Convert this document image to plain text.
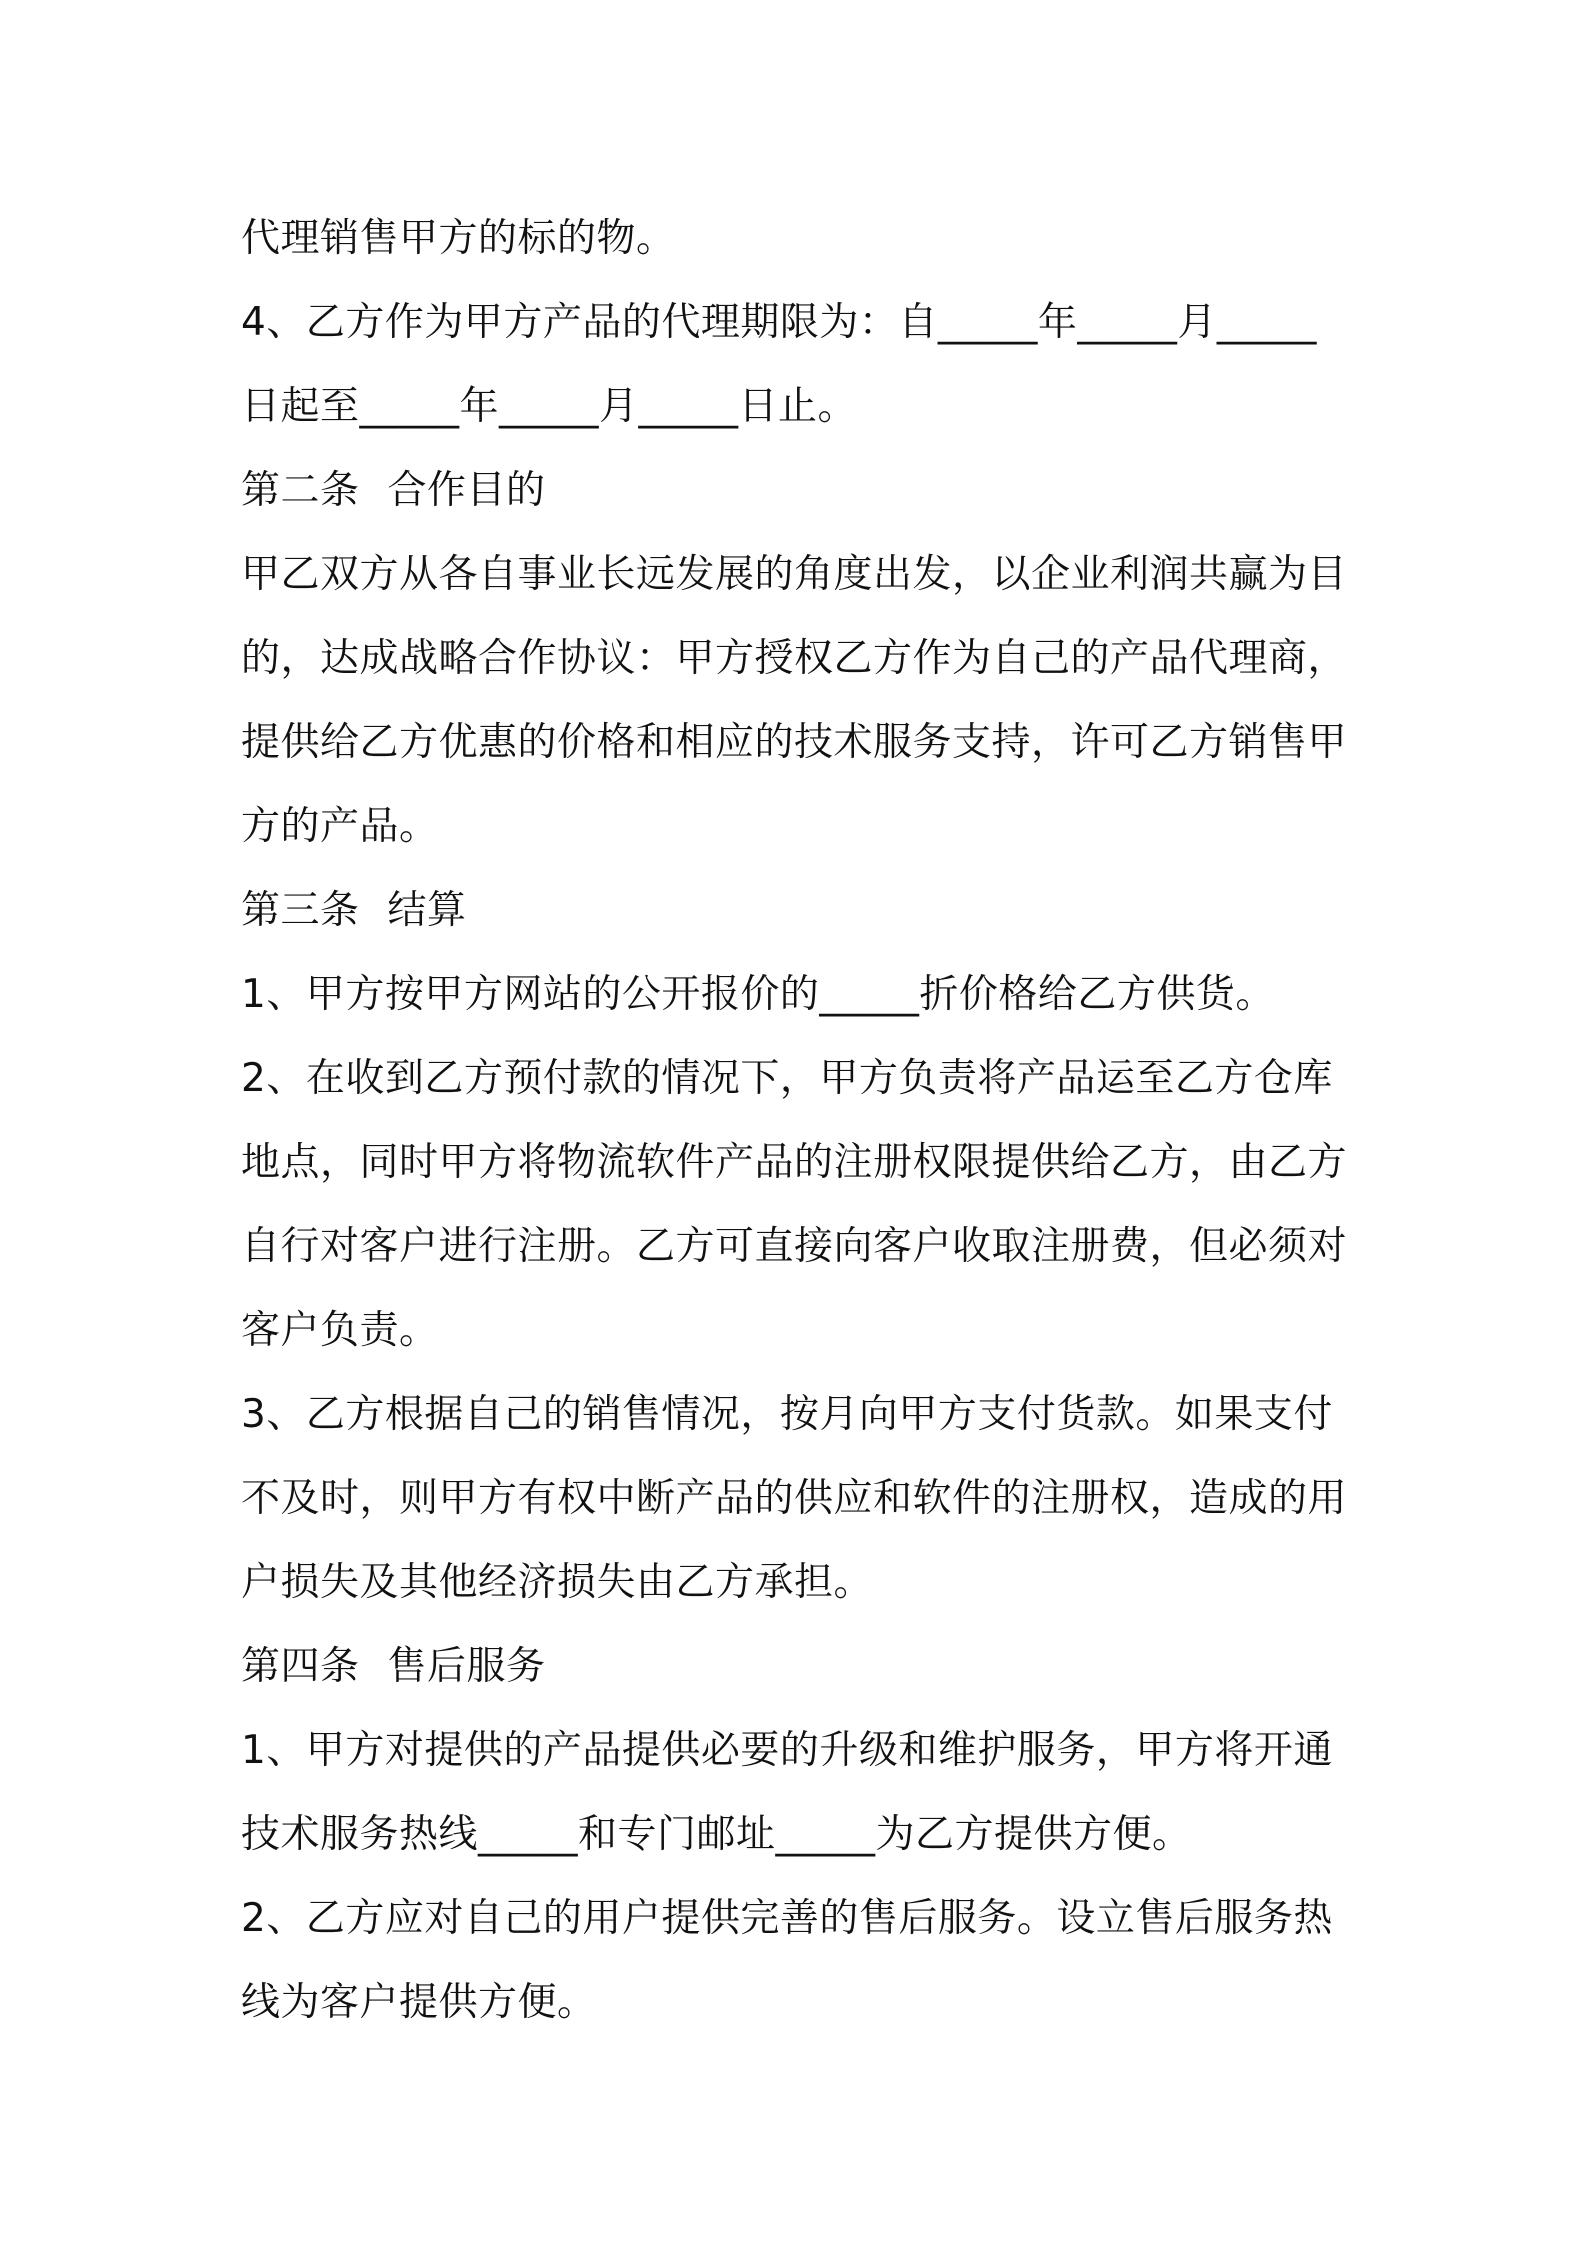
代理销售甲方的标的物。
4、乙方作为甲方产品的代理期限为：自_____年_____月_____
日起至_____年_____月_____日止。
第二条 合作目的
甲乙双方从各自事业长远发展的角度出发，以企业利润共赢为目
的，达成战略合作协议：甲方授权乙方作为自己的产品代理商，
提供给乙方优惠的价格和相应的技术服务支持，许可乙方销售甲
方的产品。
第三条 结算
1、甲方按甲方网站的公开报价的_____折价格给乙方供货。
2、在收到乙方预付款的情况下，甲方负责将产品运至乙方仓库
地点，同时甲方将物流软件产品的注册权限提供给乙方，由乙方
自行对客户进行注册。乙方可直接向客户收取注册费，但必须对
客户负责。
3、乙方根据自己的销售情况，按月向甲方支付货款。如果支付
不及时，则甲方有权中断产品的供应和软件的注册权，造成的用
户损失及其他经济损失由乙方承担。
第四条 售后服务
1、甲方对提供的产品提供必要的升级和维护服务，甲方将开通
技术服务热线_____和专门邮址_____为乙方提供方便。
2、乙方应对自己的用户提供完善的售后服务。设立售后服务热
线为客户提供方便。
